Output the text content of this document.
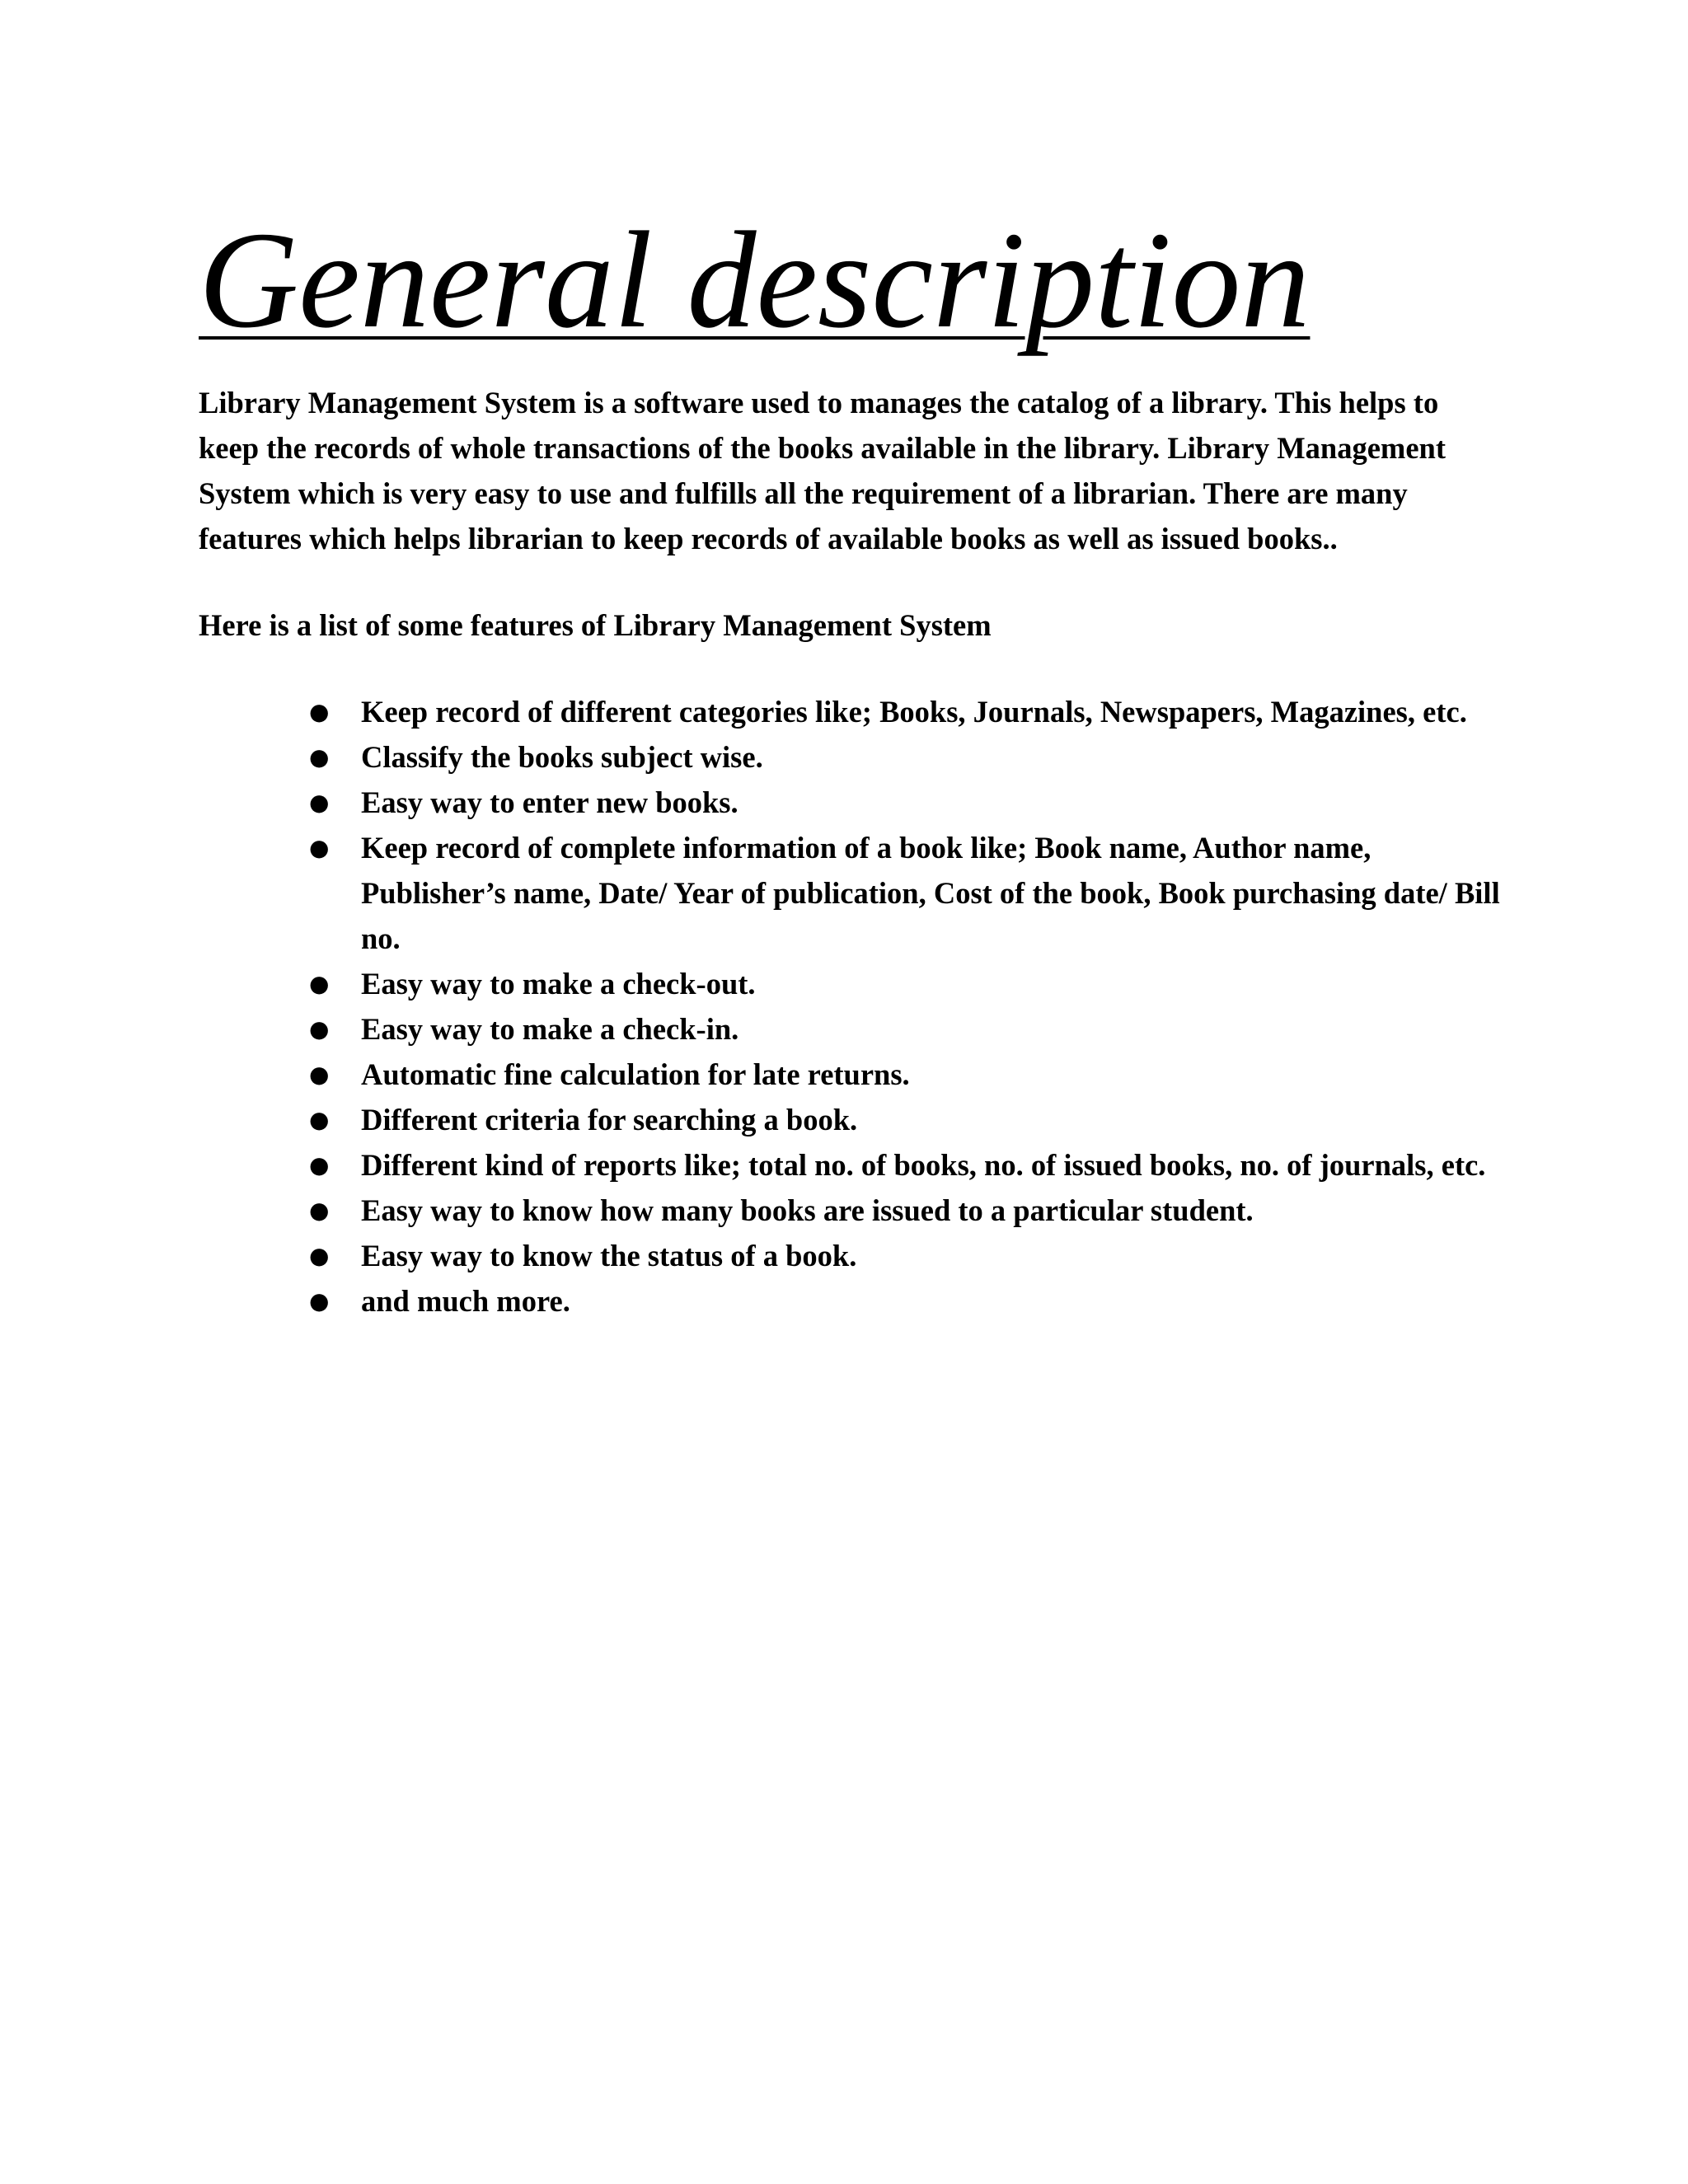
General description

Library Management System is a software used to manages the catalog of a library. This helps to keep the records of whole transactions of the books available in the library. Library Management System which is very easy to use and fulfills all the requirement of a librarian. There are many features which helps librarian to keep records of available books as well as issued books..

Here is a list of some features of Library Management System

● Keep record of different categories like; Books, Journals, Newspapers, Magazines, etc.
● Classify the books subject wise.
● Easy way to enter new books.
● Keep record of complete information of a book like; Book name, Author name, Publisher’s name, Date/ Year of publication, Cost of the book, Book purchasing date/ Bill no.
● Easy way to make a check-out.
● Easy way to make a check-in.
● Automatic fine calculation for late returns.
● Different criteria for searching a book.
● Different kind of reports like; total no. of books, no. of issued books, no. of journals, etc.
● Easy way to know how many books are issued to a particular student.
● Easy way to know the status of a book.
● and much more.
